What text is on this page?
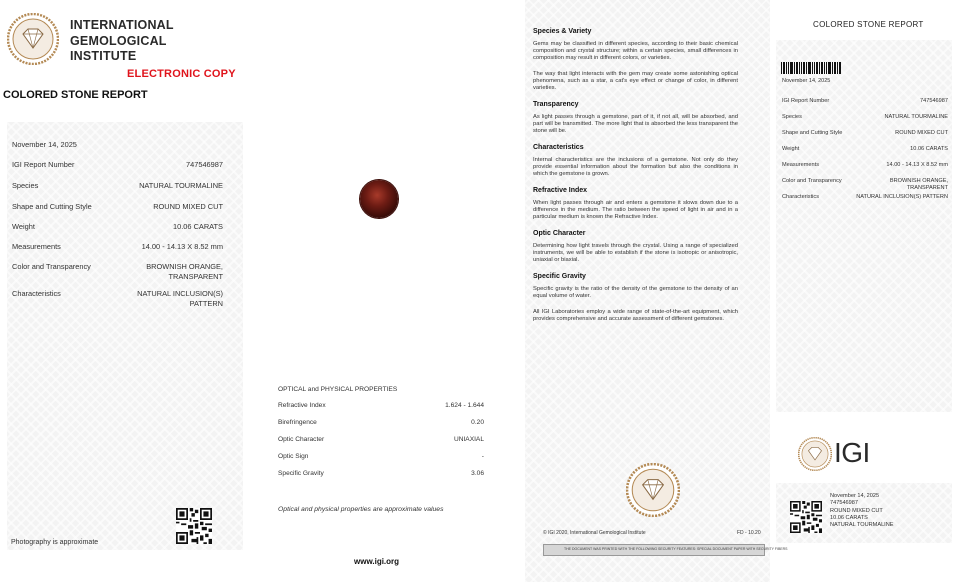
INTERNATIONAL
GEMOLOGICAL
INSTITUTE
ELECTRONIC COPY
COLORED STONE REPORT
November 14, 2025
IGI Report Number	747546987
Species	NATURAL TOURMALINE
Shape and Cutting Style	ROUND MIXED CUT
Weight	10.06 CARATS
Measurements	14.00 - 14.13 X 8.52 mm
Color and Transparency	BROWNISH ORANGE,
TRANSPARENT
Characteristics	NATURAL INCLUSION(S)
PATTERN
Photography is approximate
OPTICAL and PHYSICAL PROPERTIES
Refractive Index	1.624 - 1.644
Birefringence	0.20
Optic Character	UNIAXIAL
Optic Sign	-
Specific Gravity	3.06
Optical and physical properties are approximate values
www.igi.org
Species & Variety
Gems may be classified in different species, according to their basic chemical composition and crystal structure; within a certain species, small differences in composition may result in different colors, or varieties.
The way that light interacts with the gem may create some astonishing optical phenomena, such as a star, a cat's eye effect or change of color, in different varieties.
Transparency
As light passes through a gemstone, part of it, if not all, will be absorbed, and part will be transmitted. The more light that is absorbed the less transparent the stone will be.
Characteristics
Internal characteristics are the inclusions of a gemstone. Not only do they provide essential information about the formation but also the conditions in which the gemstone is grown.
Refractive Index
When light passes through air and enters a gemstone it slows down due to a difference in the medium. The ratio between the speed of light in air and in a particular medium is known the Refractive Index.
Optic Character
Determining how light travels through the crystal. Using a range of specialized instruments, we will be able to establish if the stone is isotropic or anisotropic, uniaxial or biaxial.
Specific Gravity
Specific gravity is the ratio of the density of the gemstone to the density of an equal volume of water.
All IGI Laboratories employ a wide range of state-of-the-art equipment, which provides comprehensive and accurate assessment of different gemstones.
© IGI 2020, International Gemological Institute	FD - 10.20
THE DOCUMENT WAS PRINTED WITH THE FOLLOWING SECURITY FEATURES: SPECIAL DOCUMENT PAPER WITH SECURITY FIBERS
COLORED STONE REPORT
November 14, 2025
IGI Report Number	747546987
Species	NATURAL TOURMALINE
Shape and Cutting Style	ROUND MIXED CUT
Weight	10.06 CARATS
Measurements	14.00 - 14.13 X 8.52 mm
Color and Transparency	BROWNISH ORANGE,
TRANSPARENT
Characteristics	NATURAL INCLUSION(S) PATTERN
IGI
November 14, 2025
747546987
ROUND MIXED CUT
10.06 CARATS
NATURAL TOURMALINE
